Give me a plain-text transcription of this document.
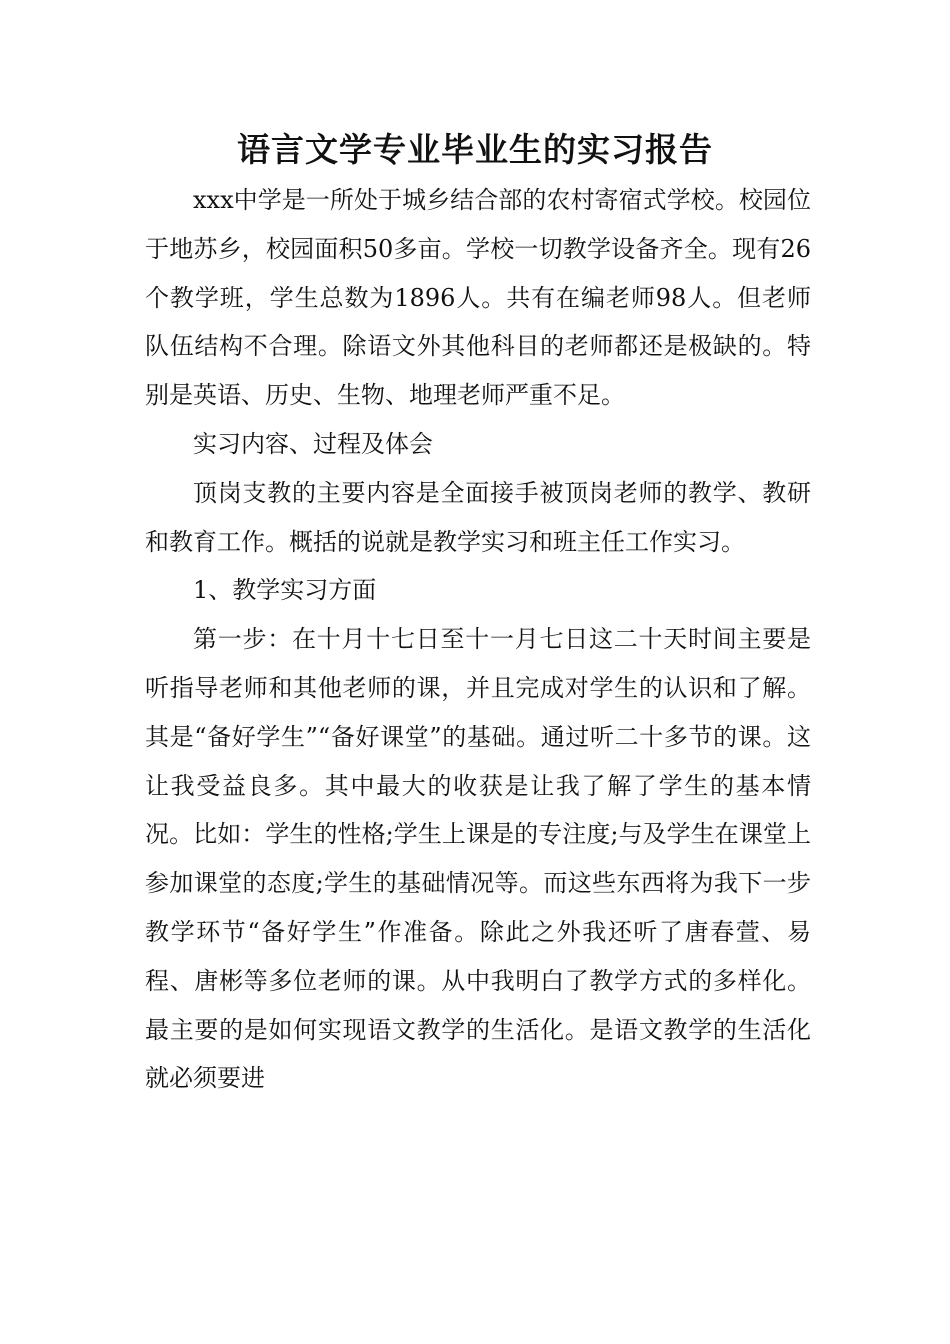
语言文学专业毕业生的实习报告

xxx中学是一所处于城乡结合部的农村寄宿式学校。校园位于地苏乡，校园面积50多亩。学校一切教学设备齐全。现有26个教学班，学生总数为1896人。共有在编老师98人。但老师队伍结构不合理。除语文外其他科目的老师都还是极缺的。特别是英语、历史、生物、地理老师严重不足。

实习内容、过程及体会

顶岗支教的主要内容是全面接手被顶岗老师的教学、教研和教育工作。概括的说就是教学实习和班主任工作实习。

1、教学实习方面

第一步：在十月十七日至十一月七日这二十天时间主要是听指导老师和其他老师的课，并且完成对学生的认识和了解。其是“备好学生”“备好课堂”的基础。通过听二十多节的课。这让我受益良多。其中最大的收获是让我了解了学生的基本情况。比如：学生的性格;学生上课是的专注度;与及学生在课堂上参加课堂的态度;学生的基础情况等。而这些东西将为我下一步教学环节“备好学生”作准备。除此之外我还听了唐春萱、易程、唐彬等多位老师的课。从中我明白了教学方式的多样化。最主要的是如何实现语文教学的生活化。是语文教学的生活化就必须要进
